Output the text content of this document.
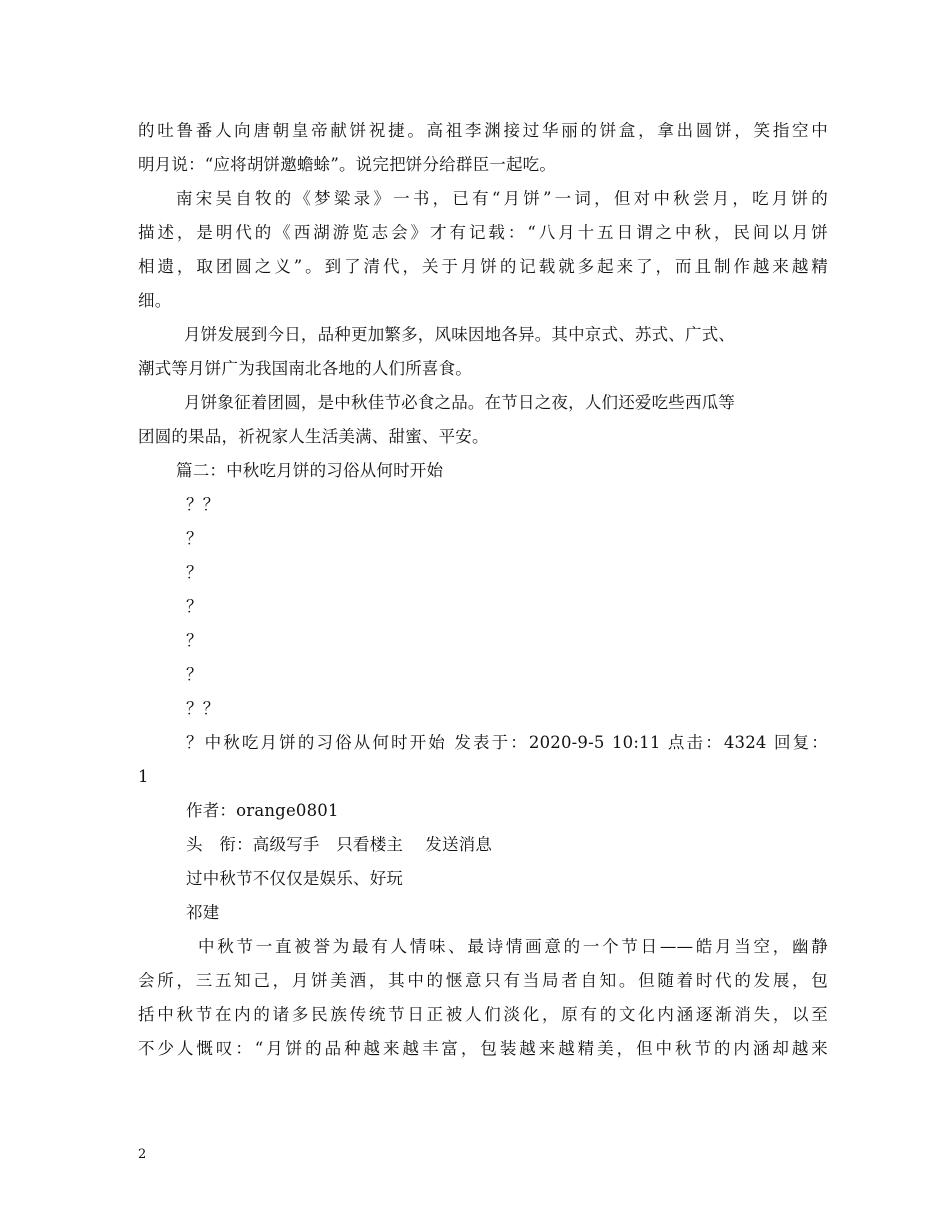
的吐鲁番人向唐朝皇帝献饼祝捷。高祖李渊接过华丽的饼盒，拿出圆饼，笑指空中
明月说：“应将胡饼邀蟾蜍”。说完把饼分给群臣一起吃。
南宋吴自牧的《梦粱录》一书，已有“月饼”一词，但对中秋尝月，吃月饼的
描述，是明代的《西湖游览志会》才有记载：“八月十五日谓之中秋，民间以月饼
相遗，取团圆之义”。到了清代，关于月饼的记载就多起来了，而且制作越来越精
细。
月饼发展到今日，品种更加繁多，风味因地各异。其中京式、苏式、广式、
潮式等月饼广为我国南北各地的人们所喜食。
月饼象征着团圆，是中秋佳节必食之品。在节日之夜，人们还爱吃些西瓜等
团圆的果品，祈祝家人生活美满、甜蜜、平安。
篇二：中秋吃月饼的习俗从何时开始
？？
？
？
？
？
？
？？
？中秋吃月饼的习俗从何时开始 发表于：2020-9-5 10:11 点击：4324 回复：
1
作者：orange0801
头　衔：高级写手　只看楼主　 发送消息
过中秋节不仅仅是娱乐、好玩
祁建
中秋节一直被誉为最有人情味、最诗情画意的一个节日——皓月当空，幽静
会所，三五知己，月饼美酒，其中的惬意只有当局者自知。但随着时代的发展，包
括中秋节在内的诸多民族传统节日正被人们淡化，原有的文化内涵逐渐消失，以至
不少人慨叹：“月饼的品种越来越丰富，包装越来越精美，但中秋节的内涵却越来
2
